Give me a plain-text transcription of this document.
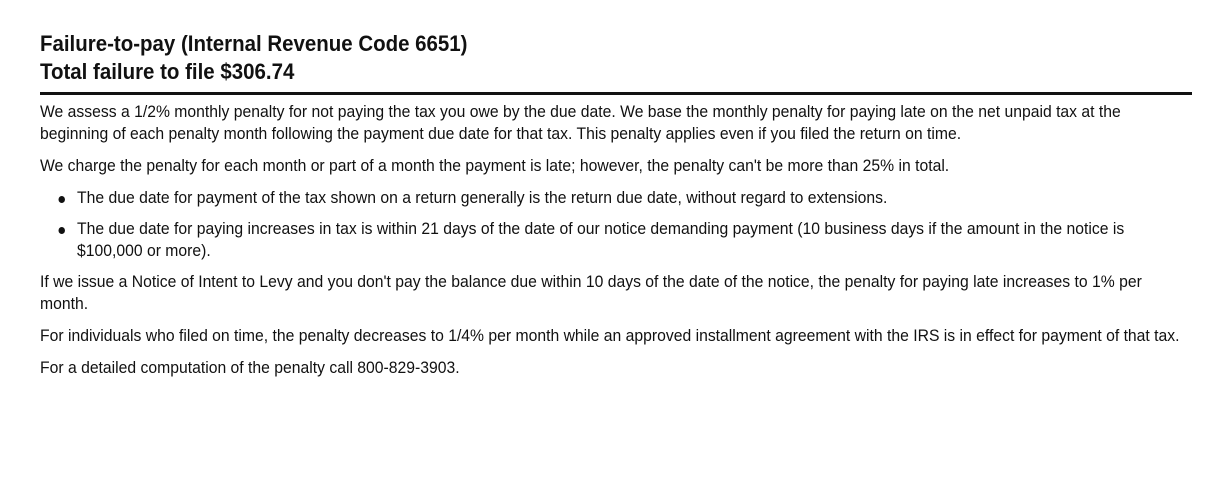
Failure-to-pay (Internal Revenue Code 6651)
Total failure to file $306.74

We assess a 1/2% monthly penalty for not paying the tax you owe by the due date. We base the monthly penalty for paying late on the net unpaid tax at the beginning of each penalty month following the payment due date for that tax. This penalty applies even if you filed the return on time.

We charge the penalty for each month or part of a month the payment is late; however, the penalty can't be more than 25% in total.

The due date for payment of the tax shown on a return generally is the return due date, without regard to extensions.
The due date for paying increases in tax is within 21 days of the date of our notice demanding payment (10 business days if the amount in the notice is $100,000 or more).

If we issue a Notice of Intent to Levy and you don't pay the balance due within 10 days of the date of the notice, the penalty for paying late increases to 1% per month.

For individuals who filed on time, the penalty decreases to 1/4% per month while an approved installment agreement with the IRS is in effect for payment of that tax.

For a detailed computation of the penalty call 800-829-3903.
